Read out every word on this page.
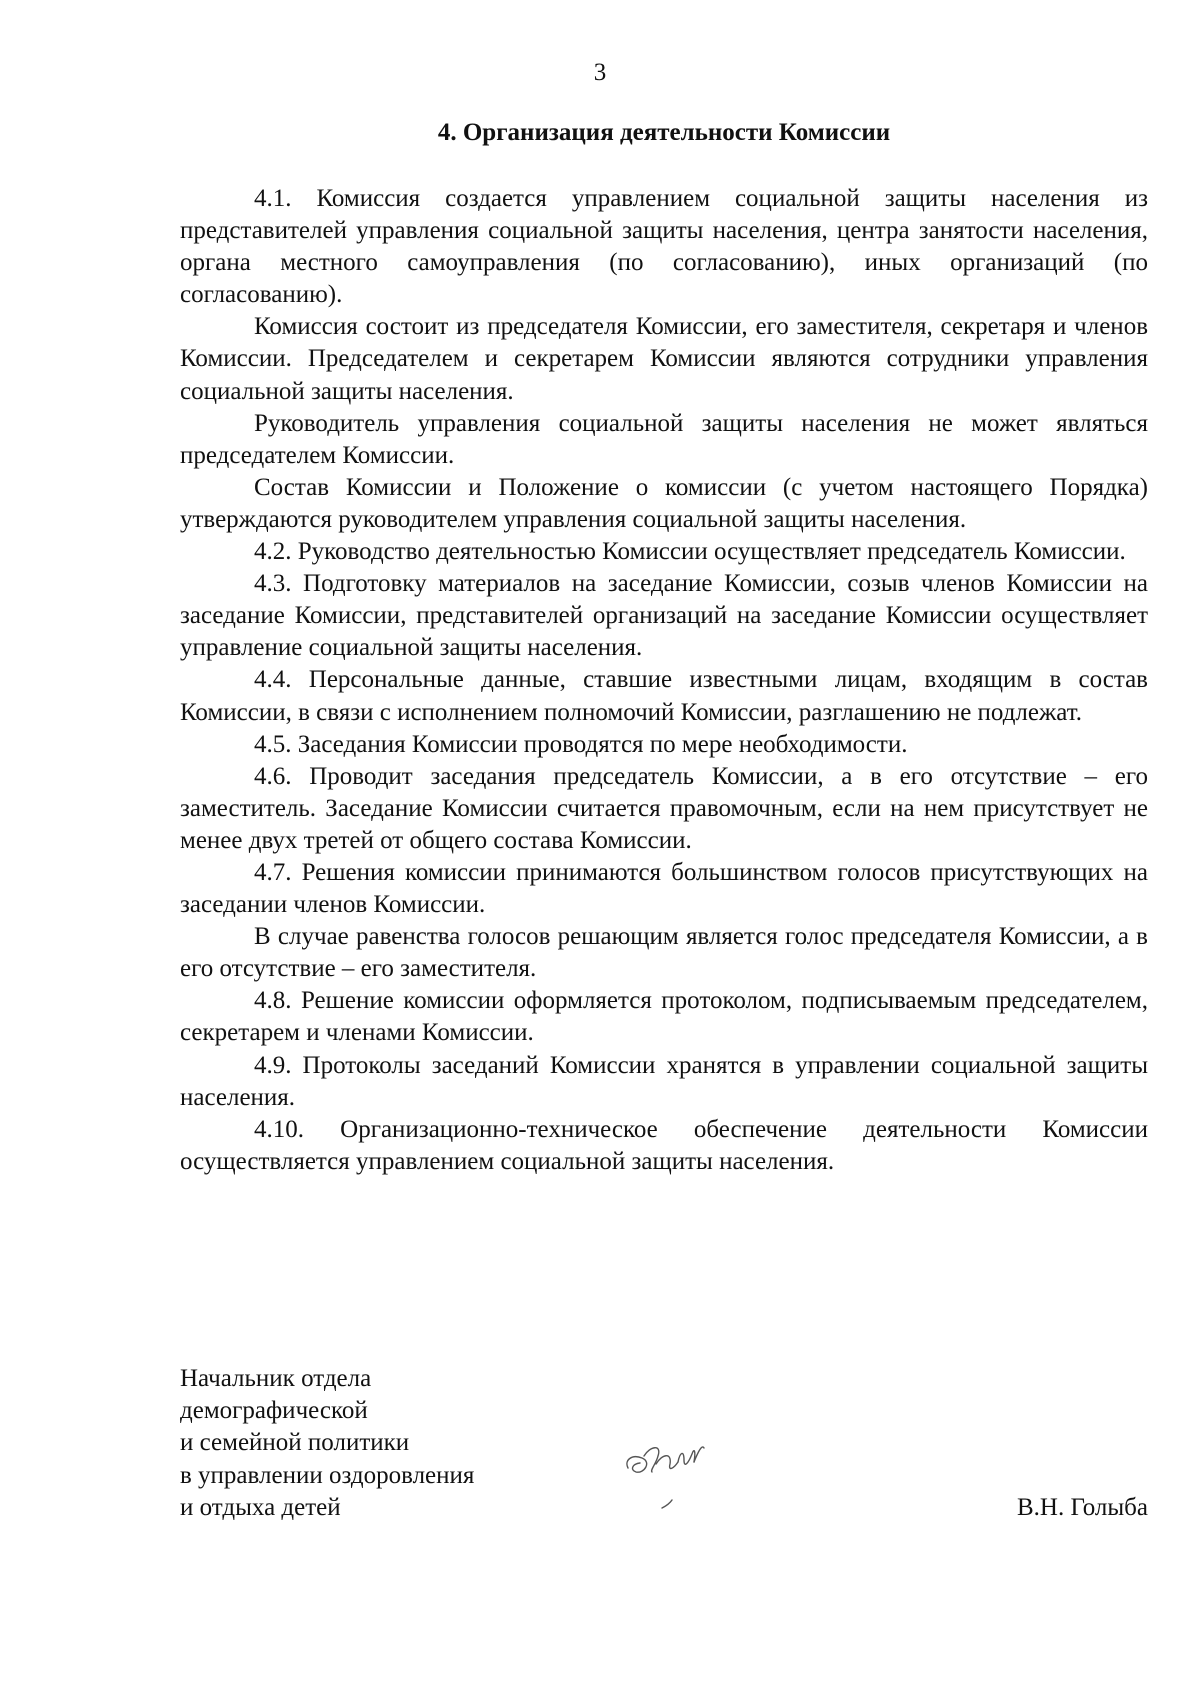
3
4. Организация деятельности Комиссии

4.1. Комиссия создается управлением социальной защиты населения из представителей управления социальной защиты населения, центра занятости населения, органа местного самоуправления (по согласованию), иных организаций (по согласованию).

Комиссия состоит из председателя Комиссии, его заместителя, секретаря и членов Комиссии. Председателем и секретарем Комиссии являются сотрудники управления социальной защиты населения.

Руководитель управления социальной защиты населения не может являться председателем Комиссии.

Состав Комиссии и Положение о комиссии (с учетом настоящего Порядка) утверждаются руководителем управления социальной защиты населения.

4.2. Руководство деятельностью Комиссии осуществляет председатель Комиссии.

4.3. Подготовку материалов на заседание Комиссии, созыв членов Комиссии на заседание Комиссии, представителей организаций на заседание Комиссии осуществляет управление социальной защиты населения.

4.4. Персональные данные, ставшие известными лицам, входящим в состав Комиссии, в связи с исполнением полномочий Комиссии, разглашению не подлежат.

4.5. Заседания Комиссии проводятся по мере необходимости.

4.6. Проводит заседания председатель Комиссии, а в его отсутствие – его заместитель. Заседание Комиссии считается правомочным, если на нем присутствует не менее двух третей от общего состава Комиссии.

4.7. Решения комиссии принимаются большинством голосов присутствующих на заседании членов Комиссии.

В случае равенства голосов решающим является голос председателя Комиссии, а в его отсутствие – его заместителя.

4.8. Решение комиссии оформляется протоколом, подписываемым председателем, секретарем и членами Комиссии.

4.9. Протоколы заседаний Комиссии хранятся в управлении социальной защиты населения.

4.10. Организационно-техническое обеспечение деятельности Комиссии осуществляется управлением социальной защиты населения.

Начальник отдела
демографической
и семейной политики
в управлении оздоровления
и отдыха детей	В.Н. Голыба
